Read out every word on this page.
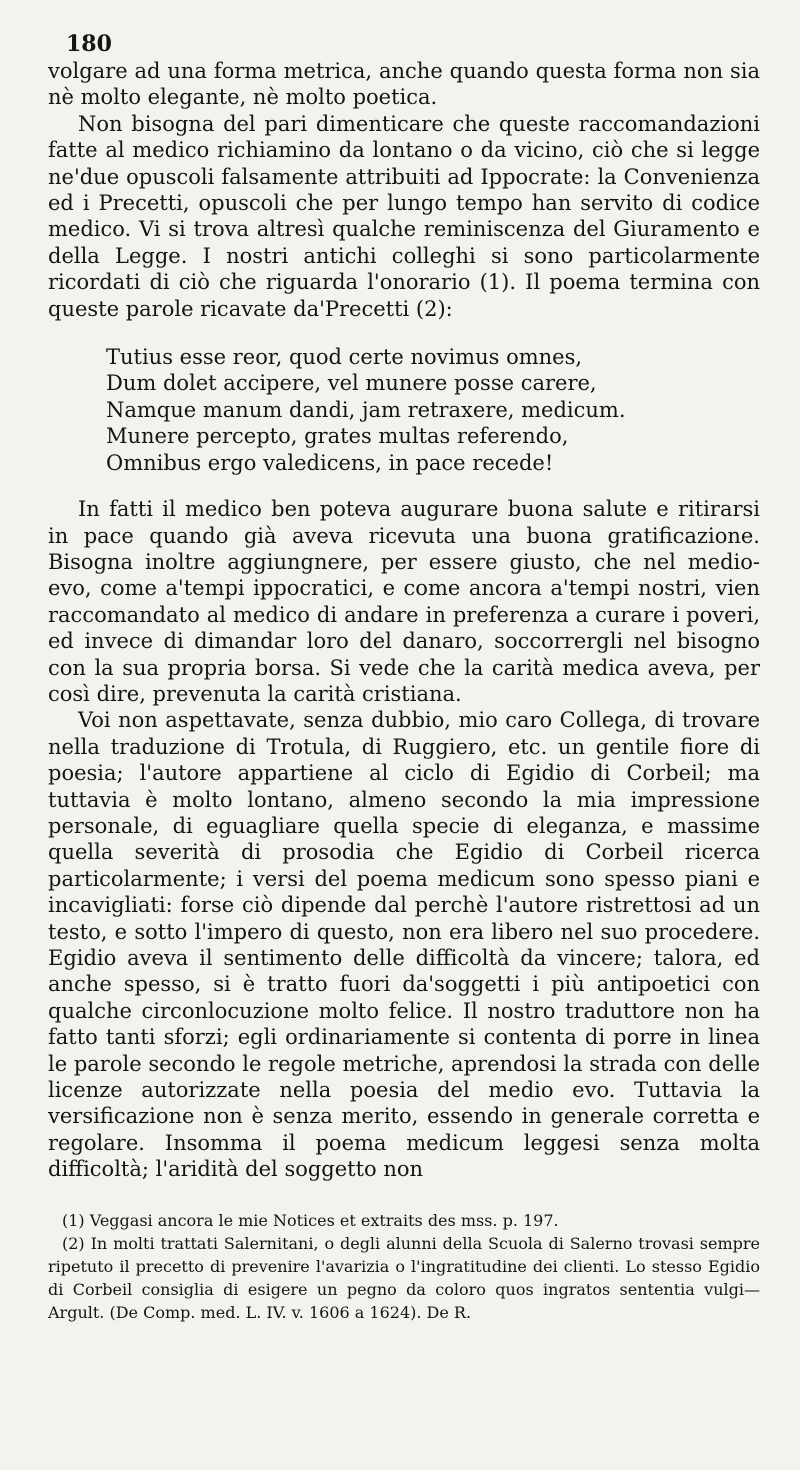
180

volgare ad una forma metrica, anche quando questa forma non sia nè molto elegante, nè molto poetica.

Non bisogna del pari dimenticare che queste raccomandazioni fatte al medico richiamino da lontano o da vicino, ciò che si legge ne'due opuscoli falsamente attribuiti ad Ippocrate: la Convenienza ed i Precetti, opuscoli che per lungo tempo han servito di codice medico. Vi si trova altresì qualche reminiscenza del Giuramento e della Legge. I nostri antichi colleghi si sono particolarmente ricordati di ciò che riguarda l'onorario (1). Il poema termina con queste parole ricavate da'Precetti (2):

Tutius esse reor, quod certe novimus omnes,
Dum dolet accipere, vel munere posse carere,
Namque manum dandi, jam retraxere, medicum.
Munere percepto, grates multas referendo,
Omnibus ergo valedicens, in pace recede!

In fatti il medico ben poteva augurare buona salute e ritirarsi in pace quando già aveva ricevuta una buona gratificazione. Bisogna inoltre aggiungnere, per essere giusto, che nel medio-evo, come a'tempi ippocratici, e come ancora a'tempi nostri, vien raccomandato al medico di andare in preferenza a curare i poveri, ed invece di dimandar loro del danaro, soccorrergli nel bisogno con la sua propria borsa. Si vede che la carità medica aveva, per così dire, prevenuta la carità cristiana.

Voi non aspettavate, senza dubbio, mio caro Collega, di trovare nella traduzione di Trotula, di Ruggiero, etc. un gentile fiore di poesia; l'autore appartiene al ciclo di Egidio di Corbeil; ma tuttavia è molto lontano, almeno secondo la mia impressione personale, di eguagliare quella specie di eleganza, e massime quella severità di prosodia che Egidio di Corbeil ricerca particolarmente; i versi del poema medicum sono spesso piani e incavigliati: forse ciò dipende dal perchè l'autore ristrettosi ad un testo, e sotto l'impero di questo, non era libero nel suo procedere. Egidio aveva il sentimento delle difficoltà da vincere; talora, ed anche spesso, si è tratto fuori da'soggetti i più antipoetici con qualche circonlocuzione molto felice. Il nostro traduttore non ha fatto tanti sforzi; egli ordinariamente si contenta di porre in linea le parole secondo le regole metriche, aprendosi la strada con delle licenze autorizzate nella poesia del medio evo. Tuttavia la versificazione non è senza merito, essendo in generale corretta e regolare. Insomma il poema medicum leggesi senza molta difficoltà; l'aridità del soggetto non

(1) Veggasi ancora le mie Notices et extraits des mss. p. 197.

(2) In molti trattati Salernitani, o degli alunni della Scuola di Salerno trovasi sempre ripetuto il precetto di prevenire l'avarizia o l'ingratitudine dei clienti. Lo stesso Egidio di Corbeil consiglia di esigere un pegno da coloro quos ingratos sententia vulgi— Argult. (De Comp. med. L. IV. v. 1606 a 1624). De R.
